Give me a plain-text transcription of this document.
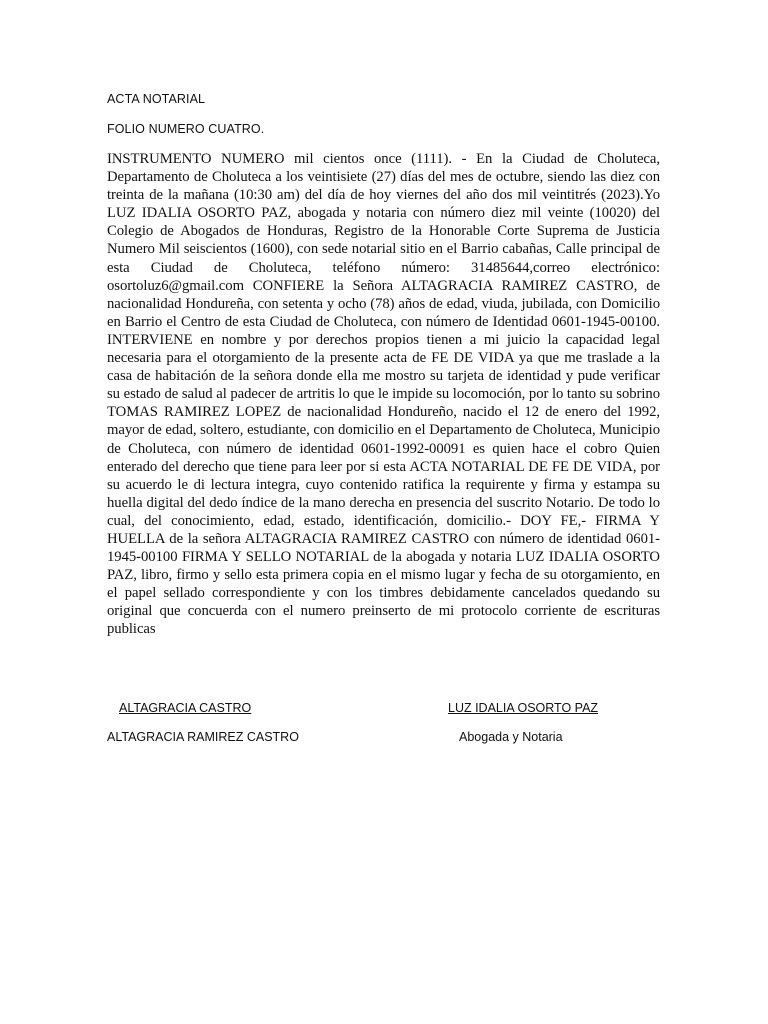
ACTA NOTARIAL
FOLIO NUMERO CUATRO.

INSTRUMENTO NUMERO mil cientos once (1111). - En la Ciudad de Choluteca, Departamento de Choluteca a los veintisiete (27) días del mes de octubre, siendo las diez con treinta de la mañana (10:30 am) del día de hoy viernes del año dos mil veintitrés (2023).Yo LUZ IDALIA OSORTO PAZ, abogada y notaria con número diez mil veinte (10020) del Colegio de Abogados de Honduras, Registro de la Honorable Corte Suprema de Justicia Numero Mil seiscientos (1600), con sede notarial sitio en el Barrio cabañas, Calle principal de esta Ciudad de Choluteca, teléfono número: 31485644,correo electrónico: osortoluz6@gmail.com CONFIERE la Señora ALTAGRACIA RAMIREZ CASTRO, de nacionalidad Hondureña, con setenta y ocho (78) años de edad, viuda, jubilada, con Domicilio en Barrio el Centro de esta Ciudad de Choluteca, con número de Identidad 0601-1945-00100. INTERVIENE en nombre y por derechos propios tienen a mi juicio la capacidad legal necesaria para el otorgamiento de la presente acta de FE DE VIDA ya que me traslade a la casa de habitación de la señora donde ella me mostro su tarjeta de identidad y pude verificar su estado de salud al padecer de artritis lo que le impide su locomoción, por lo tanto su sobrino TOMAS RAMIREZ LOPEZ de nacionalidad Hondureño, nacido el 12 de enero del 1992, mayor de edad, soltero, estudiante, con domicilio en el Departamento de Choluteca, Municipio de Choluteca, con número de identidad 0601-1992-00091 es quien hace el cobro Quien enterado del derecho que tiene para leer por si esta ACTA NOTARIAL DE FE DE VIDA, por su acuerdo le di lectura integra, cuyo contenido ratifica la requirente y firma y estampa su huella digital del dedo índice de la mano derecha en presencia del suscrito Notario. De todo lo cual, del conocimiento, edad, estado, identificación, domicilio.- DOY FE,- FIRMA Y HUELLA de la señora ALTAGRACIA RAMIREZ CASTRO con número de identidad 0601-1945-00100 FIRMA Y SELLO NOTARIAL de la abogada y notaria LUZ IDALIA OSORTO PAZ, libro, firmo y sello esta primera copia en el mismo lugar y fecha de su otorgamiento, en el papel sellado correspondiente y con los timbres debidamente cancelados quedando su original que concuerda con el numero preinserto de mi protocolo corriente de escrituras publicas

ALTAGRACIA CASTRO	LUZ IDALIA OSORTO PAZ
ALTAGRACIA RAMIREZ CASTRO	Abogada y Notaria
